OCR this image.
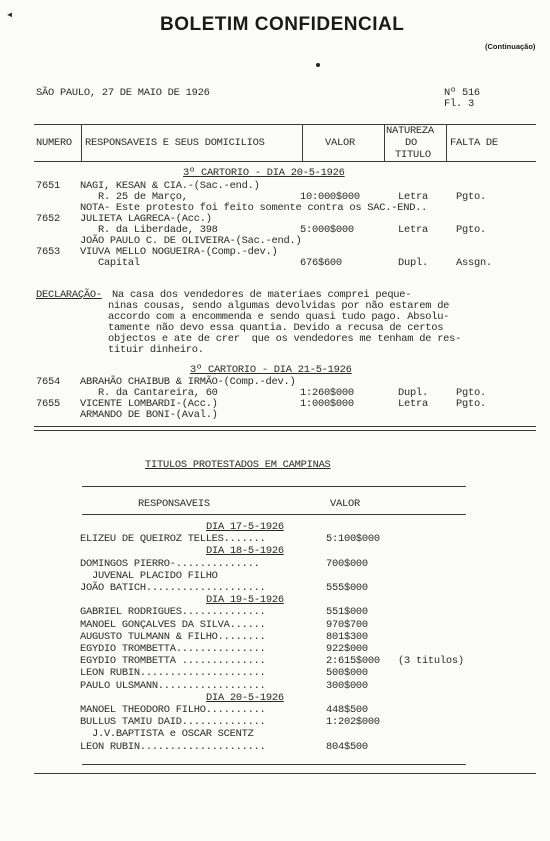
BOLETIM CONFIDENCIAL
(Continuação)
◂
SÃO PAULO, 27 DE MAIO DE 1926	Nº 516
Fl. 3
NUMERO RESPONSAVEIS E SEUS DOMICILIOS	VALOR
NATUREZA
DO
TITULO
FALTA DE
3º CARTORIO - DIA 20-5-1926
7651 NAGI, KESAN & CIA.-(Sac.-end.)
R. 25 de Março,	10:000$000	Letra	Pgto.
NOTA- Este protesto foi feito somente contra os SAC.-END..
7652 JULIETA LAGRECA-(Acc.)
R. da Liberdade, 398	5:000$000	Letra	Pgto.
JOÃO PAULO C. DE OLIVEIRA-(Sac.-end.)
7653 VIUVA MELLO NOGUEIRA-(Comp.-dev.)
Capital	676$600	Dupl.	Assgn.
DECLARAÇÃO- Na casa dos vendedores de materiaes comprei peque-
ninas cousas, sendo algumas devolvidas por não estarem de
accordo com a encommenda e sendo quasi tudo pago. Absolu-
tamente não devo essa quantia. Devido a recusa de certos
objectos e ate de crer  que os vendedores me tenham de res-
tituir dinheiro.
3º CARTORIO - DIA 21-5-1926
7654 ABRAHÃO CHAIBUB & IRMÃO-(Comp.-dev.)
R. da Cantareira, 60	1:260$000	Dupl.	Pgto.
7655 VICENTE LOMBARDI-(Acc.)	1:000$000	Letra	Pgto.
ARMANDO DE BONI-(Aval.)
TITULOS PROTESTADOS EM CAMPINAS
RESPONSAVEIS	VALOR
DIA 17-5-1926
ELIZEU DE QUEIROZ TELLES.......	5:100$000
DIA 18-5-1926
DOMINGOS PIERRO-..............	700$000
JUVENAL PLACIDO FILHO
JOÃO BATICH....................	555$000
DIA 19-5-1926
GABRIEL RODRIGUES..............	551$000
MANOEL GONÇALVES DA SILVA......	970$700
AUGUSTO TULMANN & FILHO........	801$300
EGYDIO TROMBETTA...............	922$000
EGYDIO TROMBETTA ..............	2:615$000 (3 titulos)
LEON RUBIN.....................	500$000
PAULO ULSMANN..................	300$000
DIA 20-5-1926
MANOEL THEODORO FILHO..........	448$500
BULLUS TAMIU DAID..............	1:202$000
J.V.BAPTISTA e OSCAR SCENTZ
LEON RUBIN.....................	804$500
